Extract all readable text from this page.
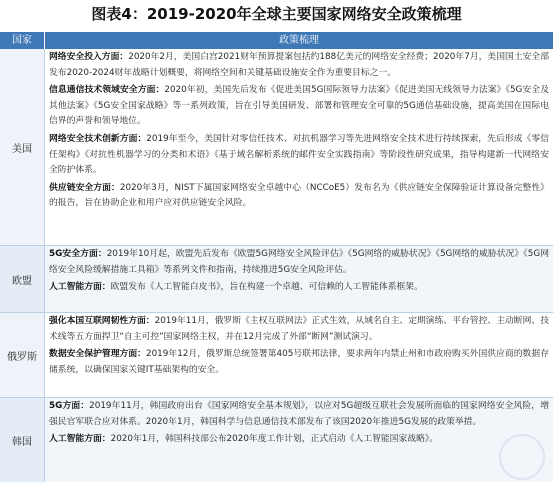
图表4：2019-2020年全球主要国家网络安全政策梳理
国家	政策梳理
美国

网络安全投入方面：2020年2月，美国白宫2021财年预算提案包括约188亿美元的网络安全经费；2020年7月，美国国土安全部发布2020-2024财年战略计划概要，将网络空间和关键基础设施安全作为重要目标之一。

信息通信技术领域安全方面：2020年初，美国先后发布《促进美国5G国际领导力法案》《促进美国无线领导力法案》《5G安全及其他法案》《5G安全国家战略》等一系列政策，旨在引导美国研发、部署和管理安全可靠的5G通信基础设施，提高美国在国际电信界的声誉和领导地位。

网络安全技术创新方面：2019年至今，美国针对零信任技术、对抗机器学习等先进网络安全技术进行持续探索，先后形成《零信任架构》《对抗性机器学习的分类和术语》《基于域名解析系统的邮件安全实践指南》等阶段性研究成果，指导构建新一代网络安全防护体系。

供应链安全方面：2020年3月，NIST下属国家网络安全卓越中心（NCCoE5）发布名为《供应链安全保障验证计算设备完整性》的报告，旨在协助企业和用户应对供应链安全风险。

欧盟

5G安全方面：2019年10月起，欧盟先后发布《欧盟5G网络安全风险评估》《5G网络的威胁状况》《5G网络的威胁状况》《5G网络安全风险缓解措施工具箱》等系列文件和指南，持续推进5G安全风险评估。

人工智能方面：欧盟发布《人工智能白皮书》，旨在构建一个卓越、可信赖的人工智能体系框架。

俄罗斯

强化本国互联网韧性方面：2019年11月，俄罗斯《主权互联网法》正式生效，从域名自主、定期演练、平台管控、主动断网、技术线等五方面捍卫“自主可控”国家网络主权，并在12月完成了外部“断网”测试演习。

数据安全保护管理方面：2019年12月，俄罗斯总统签署第405号联邦法律，要求两年内禁止州和市政府购买外国供应商的数据存储系统，以确保国家关键IT基础架构的安全。

韩国

5G方面：2019年11月，韩国政府出台《国家网络安全基本规划》，以应对5G超级互联社会发展所面临的国家网络安全风险，增强民官军联合应对体系。2020年1月，韩国科学与信息通信技术部发布了该国2020年推进5G发展的政策举措。

人工智能方面：2020年1月，韩国科技部公布2020年度工作计划，正式启动《人工智能国家战略》。
